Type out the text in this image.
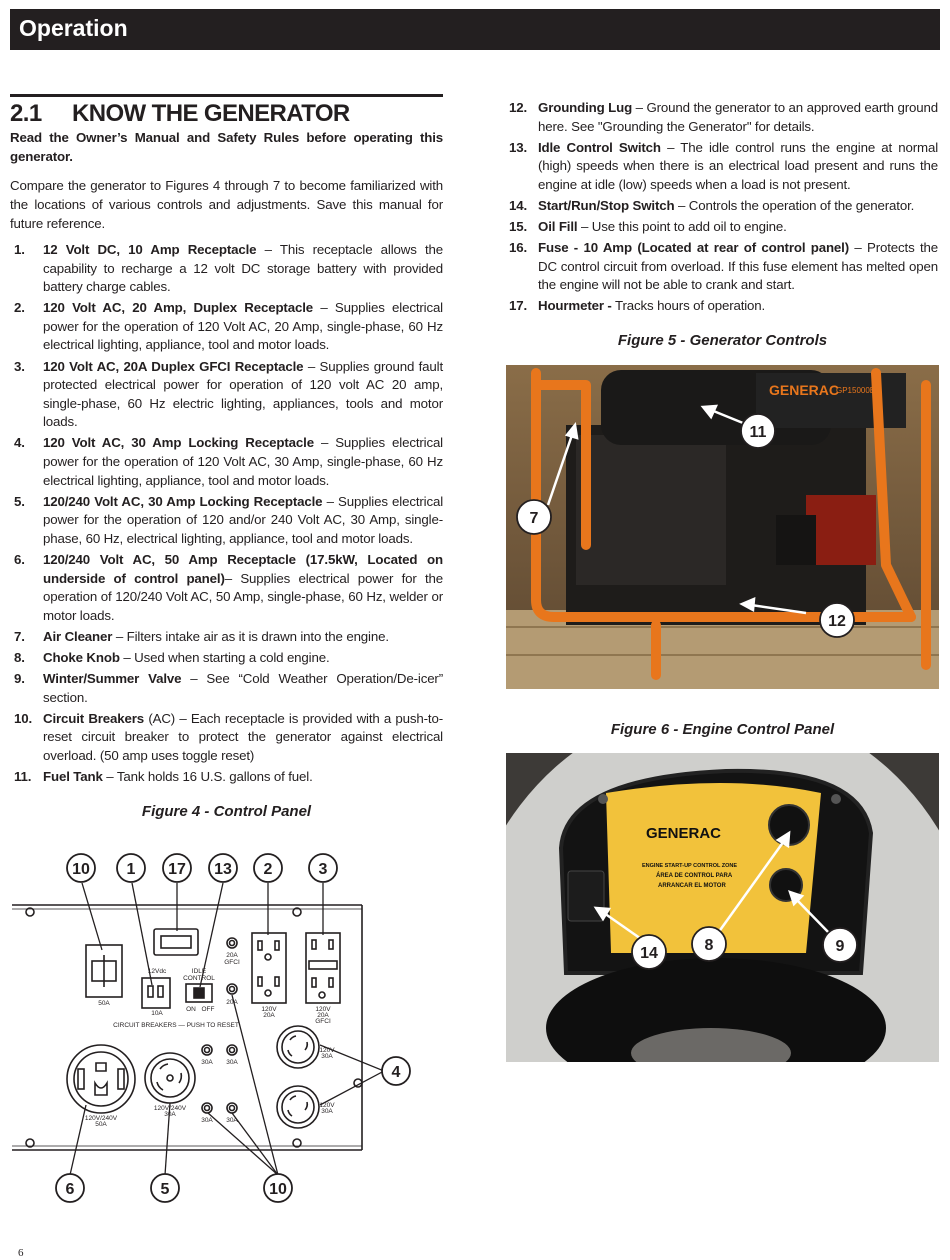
Operation
2.1 KNOW THE GENERATOR
Read the Owner’s Manual and Safety Rules before operating this generator.
Compare the generator to Figures 4 through 7 to become familiarized with the locations of various controls and adjustments. Save this manual for future reference.
1. 12 Volt DC, 10 Amp Receptacle – This receptacle allows the capability to recharge a 12 volt DC storage battery with provided battery charge cables.
2. 120 Volt AC, 20 Amp, Duplex Receptacle – Supplies electrical power for the operation of 120 Volt AC, 20 Amp, single-phase, 60 Hz electrical lighting, appliance, tool and motor loads.
3. 120 Volt AC, 20A Duplex GFCI Receptacle – Supplies ground fault protected electrical power for operation of 120 volt AC 20 amp, single-phase, 60 Hz electric lighting, appliances, tools and motor loads.
4. 120 Volt AC, 30 Amp Locking Receptacle – Supplies electrical power for the operation of 120 Volt AC, 30 Amp, single-phase, 60 Hz electrical lighting, appliance, tool and motor loads.
5. 120/240 Volt AC, 30 Amp Locking Receptacle – Supplies electrical power for the operation of 120 and/or 240 Volt AC, 30 Amp, single-phase, 60 Hz, electrical lighting, appliance, tool and motor loads.
6. 120/240 Volt AC, 50 Amp Receptacle (17.5kW, Located on underside of control panel)– Supplies electrical power for the operation of 120/240 Volt AC, 50 Amp, single-phase, 60 Hz, welder or motor loads.
7. Air Cleaner – Filters intake air as it is drawn into the engine.
8. Choke Knob – Used when starting a cold engine.
9. Winter/Summer Valve – See “Cold Weather Operation/De-icer” section.
10. Circuit Breakers (AC) – Each receptacle is provided with a push-to-reset circuit breaker to protect the generator against electrical overload. (50 amp uses toggle reset)
11. Fuel Tank – Tank holds 16 U.S. gallons of fuel.
12. Grounding Lug – Ground the generator to an approved earth ground here. See "Grounding the Generator" for details.
13. Idle Control Switch – The idle control runs the engine at normal (high) speeds when there is an electrical load present and runs the engine at idle (low) speeds when a load is not present.
14. Start/Run/Stop Switch – Controls the operation of the generator.
15. Oil Fill – Use this point to add oil to engine.
16. Fuse - 10 Amp (Located at rear of control panel) – Protects the DC control circuit from overload. If this fuse element has melted open the engine will not be able to crank and start.
17. Hourmeter - Tracks hours of operation.
Figure 4 - Control Panel
50A
12Vdc
10A
IDLE
CONTROL
ON OFF
20A
GFCI
20A
120V
20A
120V
20A
GFCI
CIRCUIT BREAKERS — PUSH TO RESET
30A 30A
30A 30A
120V
30A
120V
30A
120V/240V
50A
120V/240V
30A
10 1 17 13 2	3
4
6	5	10
Figure 5 - Generator Controls
GENERAC
GP15000E
11
7
12
Figure 6 - Engine Control Panel
GENERAC
ENGINE START-UP CONTROL ZONE
ÁREA DE CONTROL PARA
ARRANCAR EL MOTOR
14	8	9
6
